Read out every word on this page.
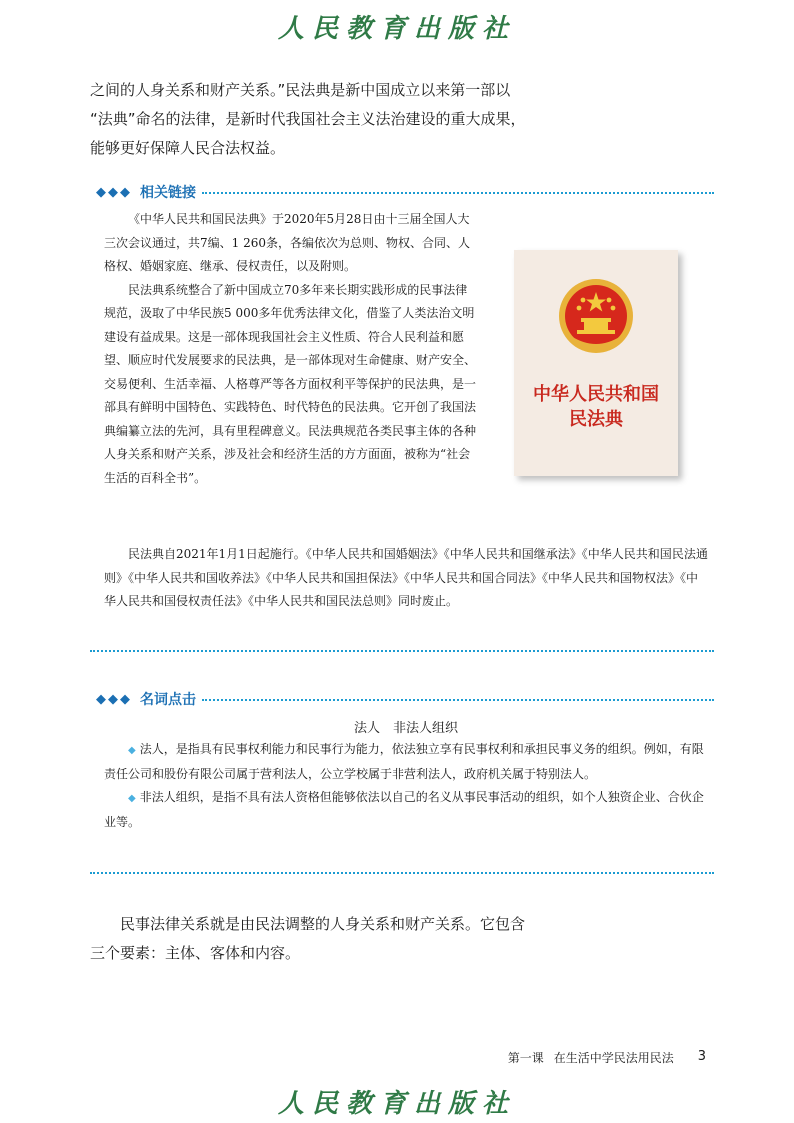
人民教育出版社

之间的人身关系和财产关系。”民法典是新中国成立以来第一部以

“法典”命名的法律，是新时代我国社会主义法治建设的重大成果，

能够更好保障人民合法权益。

◆◆◆ 相关链接

《中华人民共和国民法典》于2020年5月28日由十三届全国人大三次会议通过，共7编、1 260条，各编依次为总则、物权、合同、人格权、婚姻家庭、继承、侵权责任，以及附则。

民法典系统整合了新中国成立70多年来长期实践形成的民事法律规范，汲取了中华民族5 000多年优秀法律文化，借鉴了人类法治文明建设有益成果。这是一部体现我国社会主义性质、符合人民利益和愿望、顺应时代发展要求的民法典，是一部体现对生命健康、财产安全、交易便利、生活幸福、人格尊严等各方面权利平等保护的民法典，是一部具有鲜明中国特色、实践特色、时代特色的民法典。它开创了我国法典编纂立法的先河，具有里程碑意义。民法典规范各类民事主体的各种人身关系和财产关系，涉及社会和经济生活的方方面面，被称为“社会生活的百科全书”。

中华人民共和国
民法典

民法典自2021年1月1日起施行。《中华人民共和国婚姻法》《中华人民共和国继承法》《中华人民共和国民法通则》《中华人民共和国收养法》《中华人民共和国担保法》《中华人民共和国合同法》《中华人民共和国物权法》《中华人民共和国侵权责任法》《中华人民共和国民法总则》同时废止。

◆◆◆ 名词点击
法人　非法人组织

◆ 法人，是指具有民事权利能力和民事行为能力，依法独立享有民事权利和承担民事义务的组织。例如，有限责任公司和股份有限公司属于营利法人，公立学校属于非营利法人，政府机关属于特别法人。

◆ 非法人组织，是指不具有法人资格但能够依法以自己的名义从事民事活动的组织，如个人独资企业、合伙企业等。

　　民事法律关系就是由民法调整的人身关系和财产关系。它包含

三个要素：主体、客体和内容。

第一课 在生活中学民法用民法 3
人民教育出版社
